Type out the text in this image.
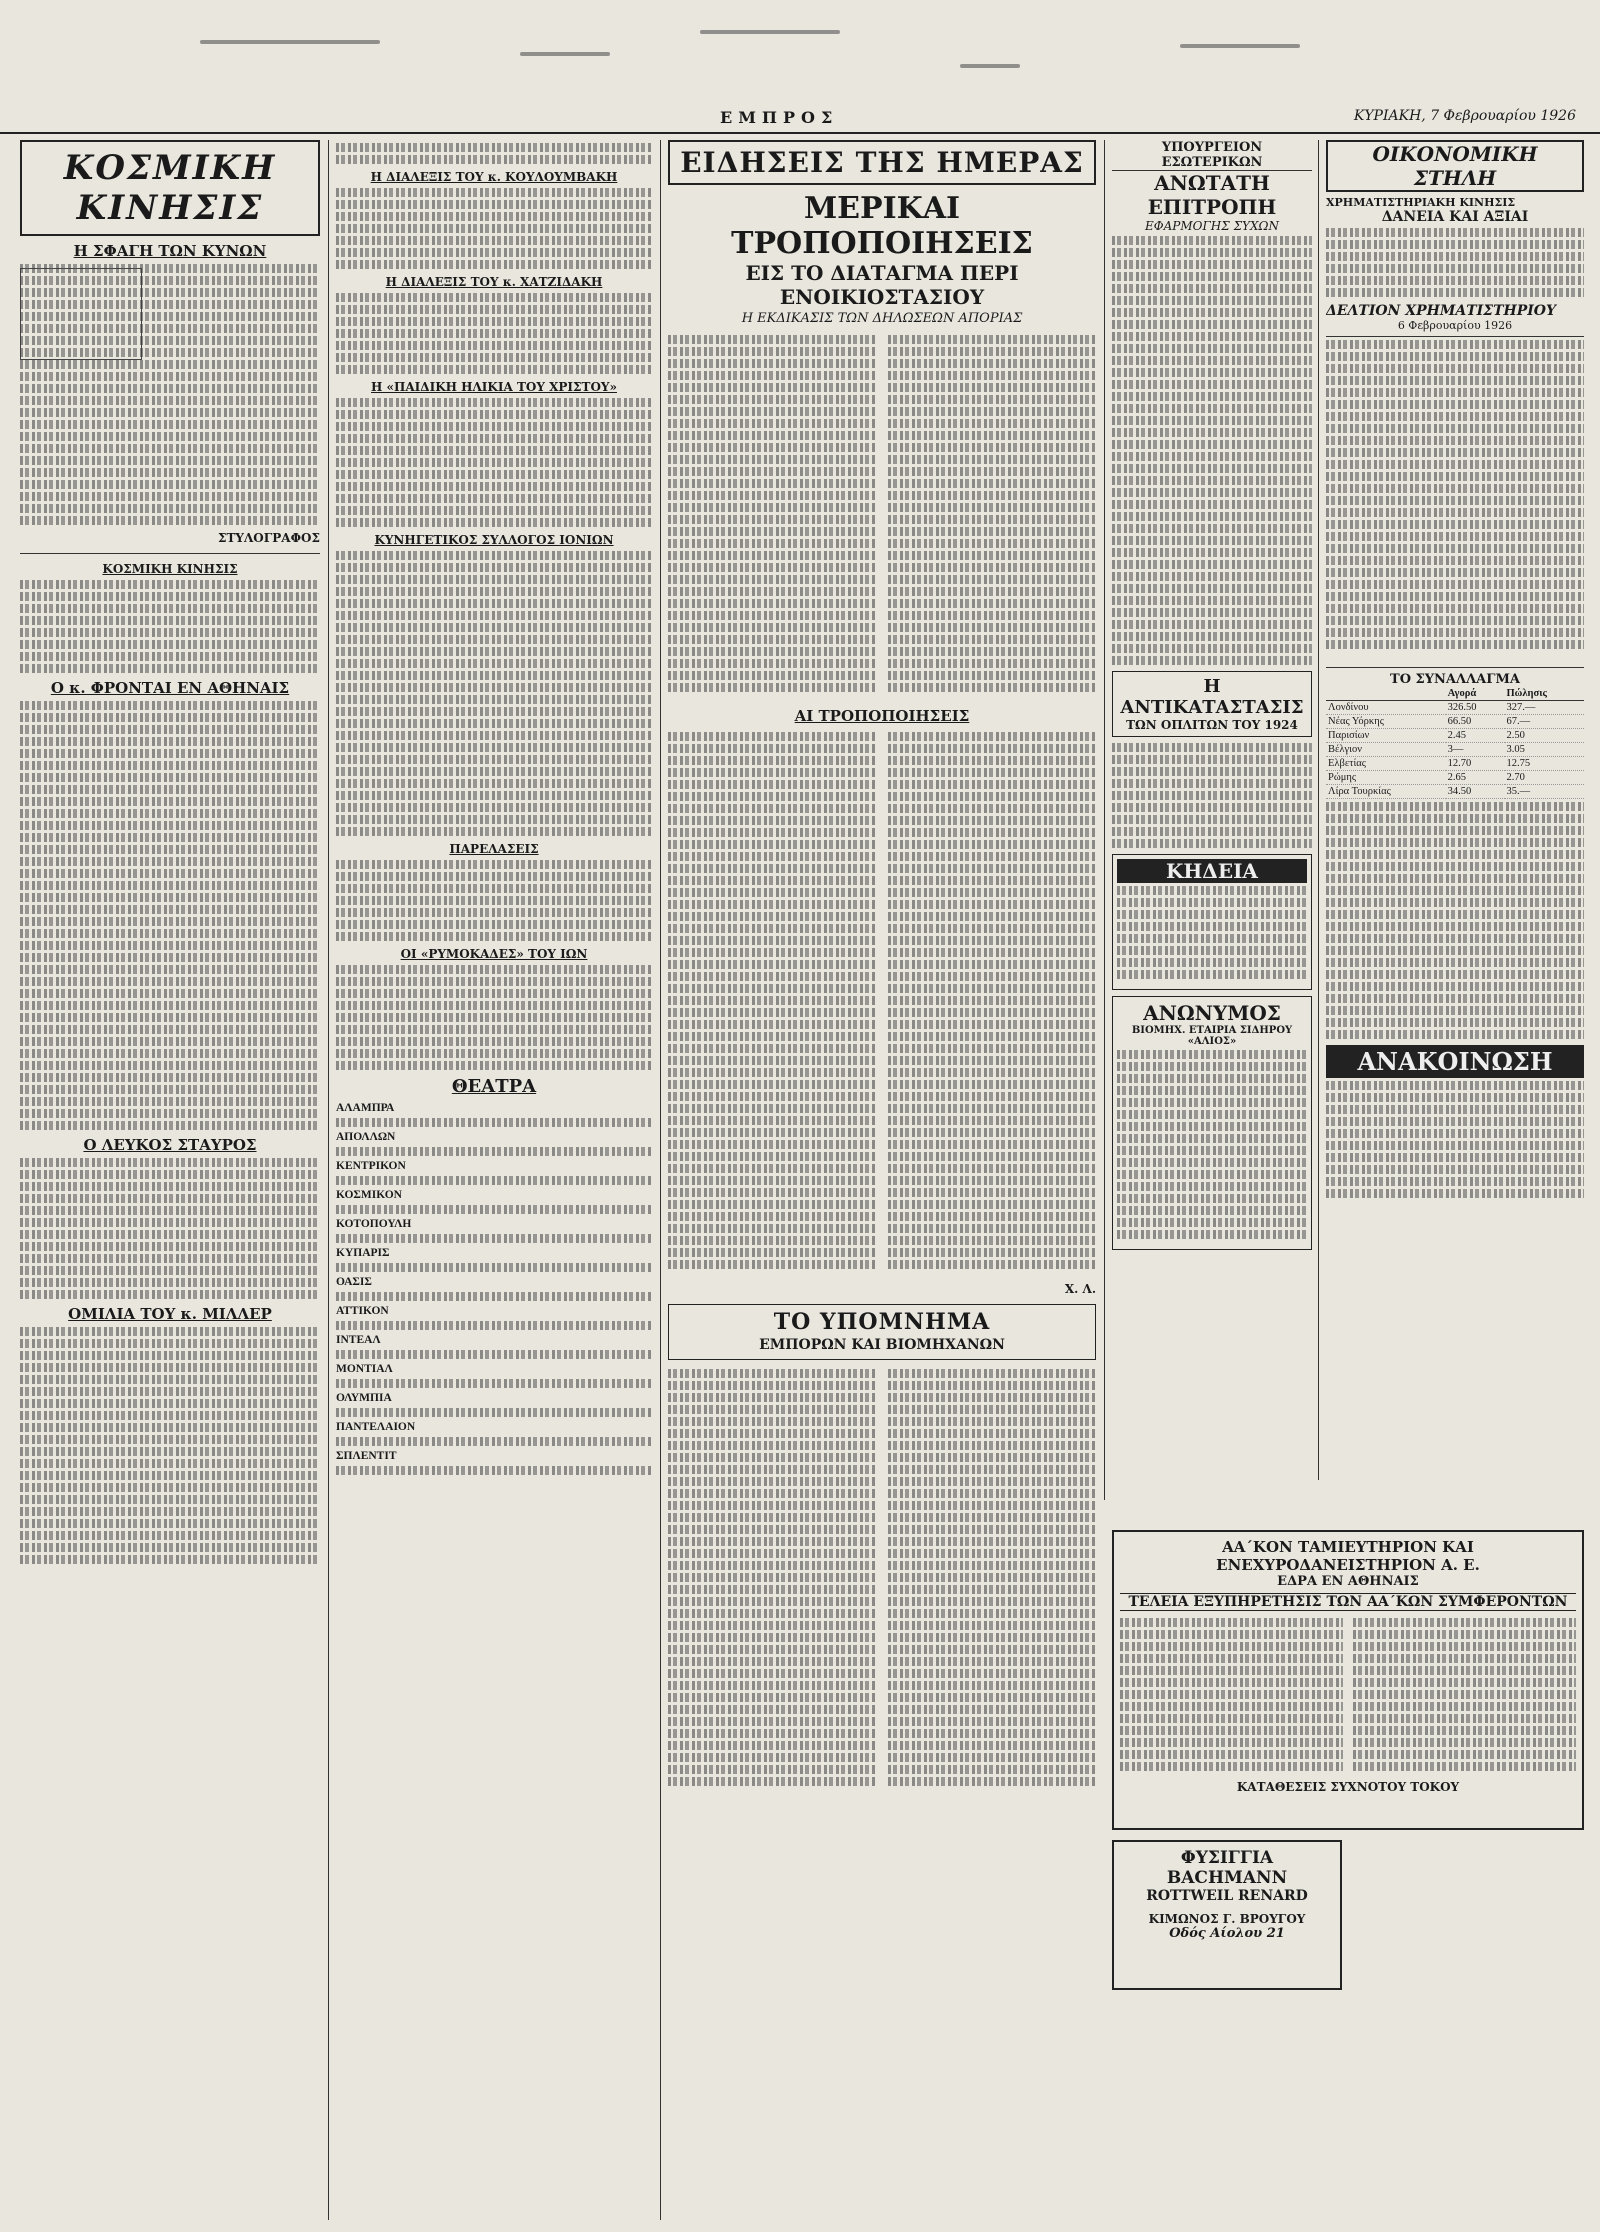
ΕΜΠΡΟΣ	ΚΥΡΙΑΚΗ, 7 Φεβρουαρίου 1926
ΚΟΣΜΙΚΗ ΚΙΝΗΣΙΣ
Η ΣΦΑΓΗ ΤΩΝ ΚΥΝΩΝ

ΣΤΥΛΟΓΡΑΦΟΣ
ΚΟΣΜΙΚΗ ΚΙΝΗΣΙΣ

Ο κ. ΦΡΟΝΤΑΙ ΕΝ ΑΘΗΝΑΙΣ

Ο ΛΕΥΚΟΣ ΣΤΑΥΡΟΣ

ΟΜΙΛΙΑ ΤΟΥ κ. ΜΙΛΛΕΡ

Η ΔΙΑΛΕΞΙΣ ΤΟΥ κ. ΚΟΥΛΟΥΜΒΑΚΗ

Η ΔΙΑΛΕΞΙΣ ΤΟΥ κ. ΧΑΤΖΙΔΑΚΗ

Η «ΠΑΙΔΙΚΗ ΗΛΙΚΙΑ ΤΟΥ ΧΡΙΣΤΟΥ»

ΚΥΝΗΓΕΤΙΚΟΣ ΣΥΛΛΟΓΟΣ ΙΟΝΙΩΝ

ΠΑΡΕΛΑΣΕΙΣ

ΟΙ «ΡΥΜΟΚΑΔΕΣ» ΤΟΥ ΙΩΝ

ΘΕΑΤΡΑ
ΑΛΑΜΠΡΑ
ΑΠΟΛΛΩΝ
ΚΕΝΤΡΙΚΟΝ
ΚΟΣΜΙΚΟΝ
ΚΟΤΟΠΟΥΛΗ
ΚΥΠΑΡΙΣ
ΟΑΣΙΣ
ΑΤΤΙΚΟΝ
ΙΝΤΕΑΛ
ΜΟΝΤΙΑΛ
ΟΛΥΜΠΙΑ
ΠΑΝΤΕΛΑΙΟΝ
ΣΠΛΕΝΤΙΤ
ΕΙΔΗΣΕΙΣ ΤΗΣ ΗΜΕΡΑΣ
ΜΕΡΙΚΑΙ ΤΡΟΠΟΠΟΙΗΣΕΙΣ
ΕΙΣ ΤΟ ΔΙΑΤΑΓΜΑ ΠΕΡΙ ΕΝΟΙΚΙΟΣΤΑΣΙΟΥ
Η ΕΚΔΙΚΑΣΙΣ ΤΩΝ ΔΗΛΩΣΕΩΝ ΑΠΟΡΙΑΣ

ΑΙ ΤΡΟΠΟΠΟΙΗΣΕΙΣ

Χ. Λ.
ΤΟ ΥΠΟΜΝΗΜΑ
ΕΜΠΟΡΩΝ ΚΑΙ ΒΙΟΜΗΧΑΝΩΝ

ΥΠΟΥΡΓΕΙΟΝ ΕΣΩΤΕΡΙΚΩΝ
ΑΝΩΤΑΤΗ ΕΠΙΤΡΟΠΗ
ΕΦΑΡΜΟΓΗΣ ΣΥΧΩΝ

Η ΑΝΤΙΚΑΤΑΣΤΑΣΙΣ
ΤΩΝ ΟΠΛΙΤΩΝ ΤΟΥ 1924

ΚΗΔΕΙΑ

ΑΝΩΝΥΜΟΣ
ΒΙΟΜΗΧ. ΕΤΑΙΡΙΑ ΣΙΔΗΡΟΥ «ΑΛΙΟΣ»

ΟΙΚΟΝΟΜΙΚΗ ΣΤΗΛΗ
ΧΡΗΜΑΤΙΣΤΗΡΙΑΚΗ ΚΙΝΗΣΙΣ
ΔΑΝΕΙΑ ΚΑΙ ΑΞΙΑΙ

ΔΕΛΤΙΟΝ ΧΡΗΜΑΤΙΣΤΗΡΙΟΥ
6 Φεβρουαρίου 1926
ΤΟ ΣΥΝΑΛΛΑΓΜΑ
	Αγορά	Πώλησις
Λονδίνου	326.50	327.—
Νέας Υόρκης	66.50	67.—
Παρισίων	2.45	2.50
Βέλγιον	3—	3.05
Ελβετίας	12.70	12.75
Ρώμης	2.65	2.70
Λίρα Τουρκίας	34.50	35.—

ΑΝΑΚΟΙΝΩΣΗ

ΑΑ΄ΚΟΝ ΤΑΜΙΕΥΤΗΡΙΟΝ ΚΑΙ ΕΝΕΧΥΡΟΔΑΝΕΙΣΤΗΡΙΟΝ Α. Ε.
ΕΔΡΑ ΕΝ ΑΘΗΝΑΙΣ
ΤΕΛΕΙΑ ΕΞΥΠΗΡΕΤΗΣΙΣ ΤΩΝ ΑΑ΄ΚΩΝ ΣΥΜΦΕΡΟΝΤΩΝ

ΚΑΤΑΘΕΣΕΙΣ ΣΥΧΝΟΤΟΥ ΤΟΚΟΥ
ΦΥΣΙΓΓΙΑ BACHMANN
ROTTWEIL RENARD
ΚΙΜΩΝΟΣ Γ. ΒΡΟΥΓΟΥ
Οδός Αίολου 21
